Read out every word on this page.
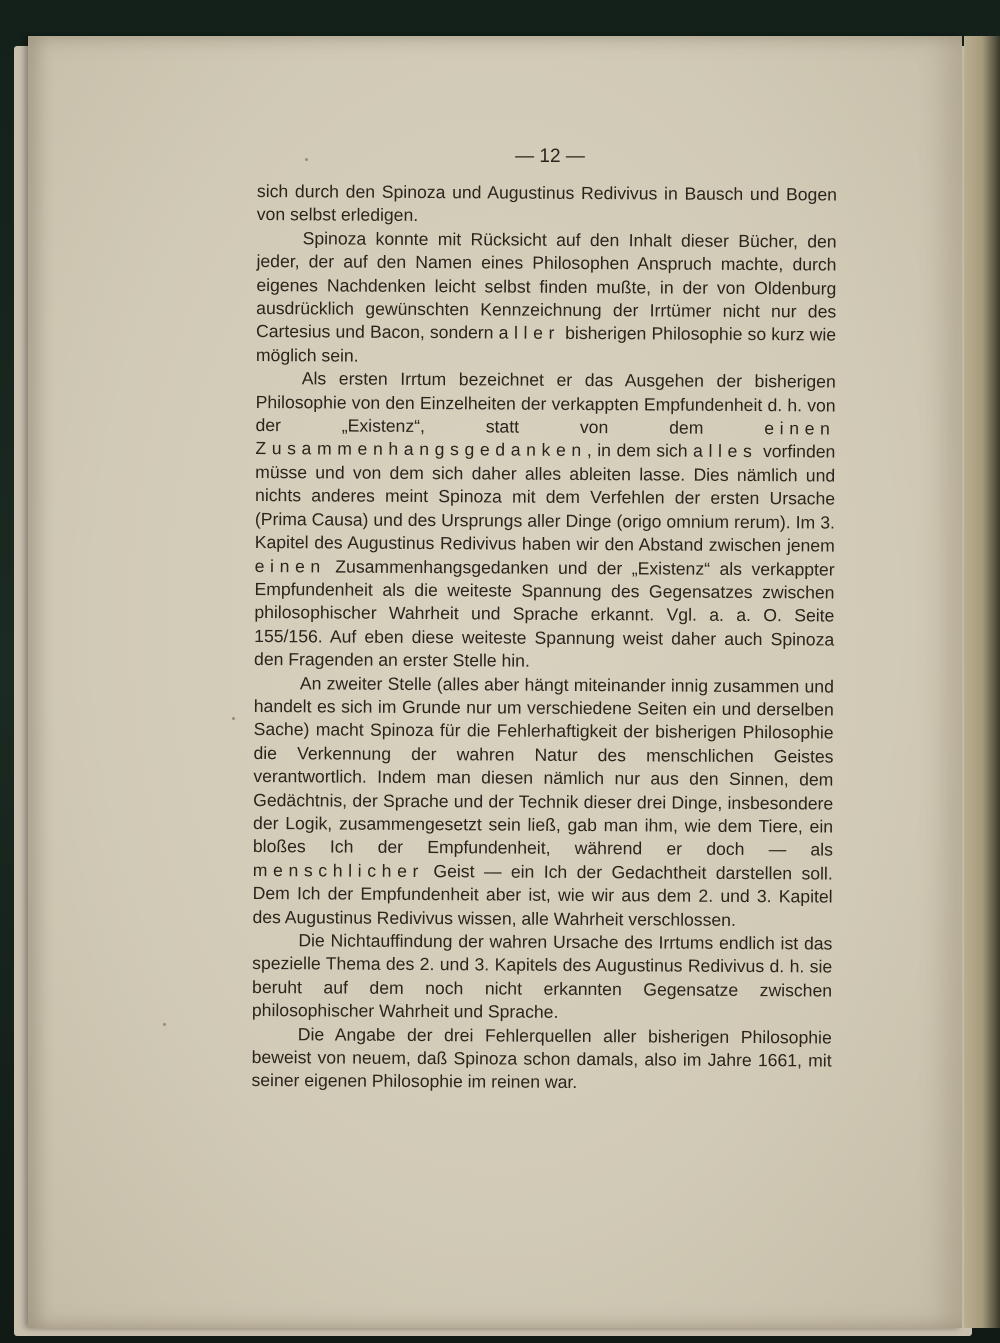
— 12 —

sich durch den Spinoza und Augustinus Redivivus in Bausch und Bogen von selbst erledigen.

Spinoza konnte mit Rücksicht auf den Inhalt dieser Bücher, den jeder, der auf den Namen eines Philosophen Anspruch machte, durch eigenes Nachdenken leicht selbst finden mußte, in der von Oldenburg ausdrücklich gewünschten Kennzeichnung der Irrtümer nicht nur des Cartesius und Bacon, sondern aller bisherigen Philosophie so kurz wie möglich sein.

Als ersten Irrtum bezeichnet er das Ausgehen der bisherigen Philosophie von den Einzelheiten der verkappten Empfundenheit d. h. von der „Existenz“, statt von dem einen Zusammenhangsgedanken, in dem sich alles vorfinden müsse und von dem sich daher alles ableiten lasse. Dies nämlich und nichts anderes meint Spinoza mit dem Verfehlen der ersten Ursache (Prima Causa) und des Ursprungs aller Dinge (origo omnium rerum). Im 3. Kapitel des Augustinus Redivivus haben wir den Abstand zwischen jenem einen Zusammenhangsgedanken und der „Existenz“ als verkappter Empfundenheit als die weiteste Spannung des Gegensatzes zwischen philosophischer Wahrheit und Sprache erkannt. Vgl. a. a. O. Seite 155/156. Auf eben diese weiteste Spannung weist daher auch Spinoza den Fragenden an erster Stelle hin.

An zweiter Stelle (alles aber hängt miteinander innig zusammen und handelt es sich im Grunde nur um verschiedene Seiten ein und derselben Sache) macht Spinoza für die Fehlerhaftigkeit der bisherigen Philosophie die Verkennung der wahren Natur des menschlichen Geistes verantwortlich. Indem man diesen nämlich nur aus den Sinnen, dem Gedächtnis, der Sprache und der Technik dieser drei Dinge, insbesondere der Logik, zusammengesetzt sein ließ, gab man ihm, wie dem Tiere, ein bloßes Ich der Empfundenheit, während er doch — als menschlicher Geist — ein Ich der Gedachtheit darstellen soll. Dem Ich der Empfundenheit aber ist, wie wir aus dem 2. und 3. Kapitel des Augustinus Redivivus wissen, alle Wahrheit verschlossen.

Die Nichtauffindung der wahren Ursache des Irrtums endlich ist das spezielle Thema des 2. und 3. Kapitels des Augustinus Redivivus d. h. sie beruht auf dem noch nicht erkannten Gegensatze zwischen philosophischer Wahrheit und Sprache.

Die Angabe der drei Fehlerquellen aller bisherigen Philosophie beweist von neuem, daß Spinoza schon damals, also im Jahre 1661, mit seiner eigenen Philosophie im reinen war.
